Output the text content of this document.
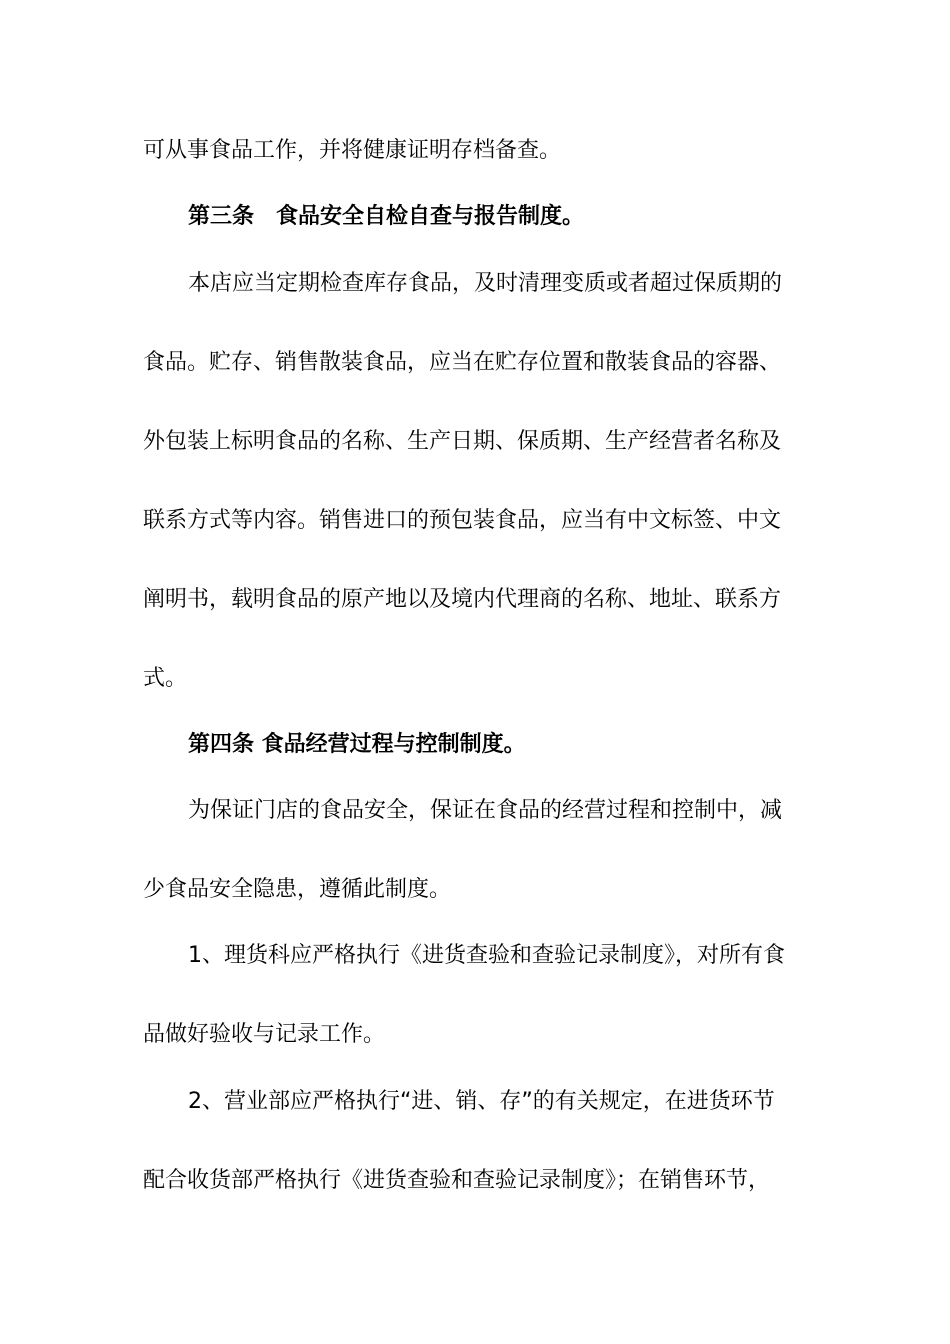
可从事食品工作，并将健康证明存档备查。
第三条　食品安全自检自查与报告制度。
本店应当定期检查库存食品，及时清理变质或者超过保质期的
食品。贮存、销售散装食品，应当在贮存位置和散装食品的容器、
外包装上标明食品的名称、生产日期、保质期、生产经营者名称及
联系方式等内容。销售进口的预包装食品，应当有中文标签、中文
阐明书，载明食品的原产地以及境内代理商的名称、地址、联系方
式。
第四条 食品经营过程与控制制度。
为保证门店的食品安全，保证在食品的经营过程和控制中，减
少食品安全隐患，遵循此制度。
1、理货科应严格执行《进货查验和查验记录制度》，对所有食
品做好验收与记录工作。
2、营业部应严格执行“进、销、存”的有关规定，在进货环节
配合收货部严格执行《进货查验和查验记录制度》；在销售环节，
